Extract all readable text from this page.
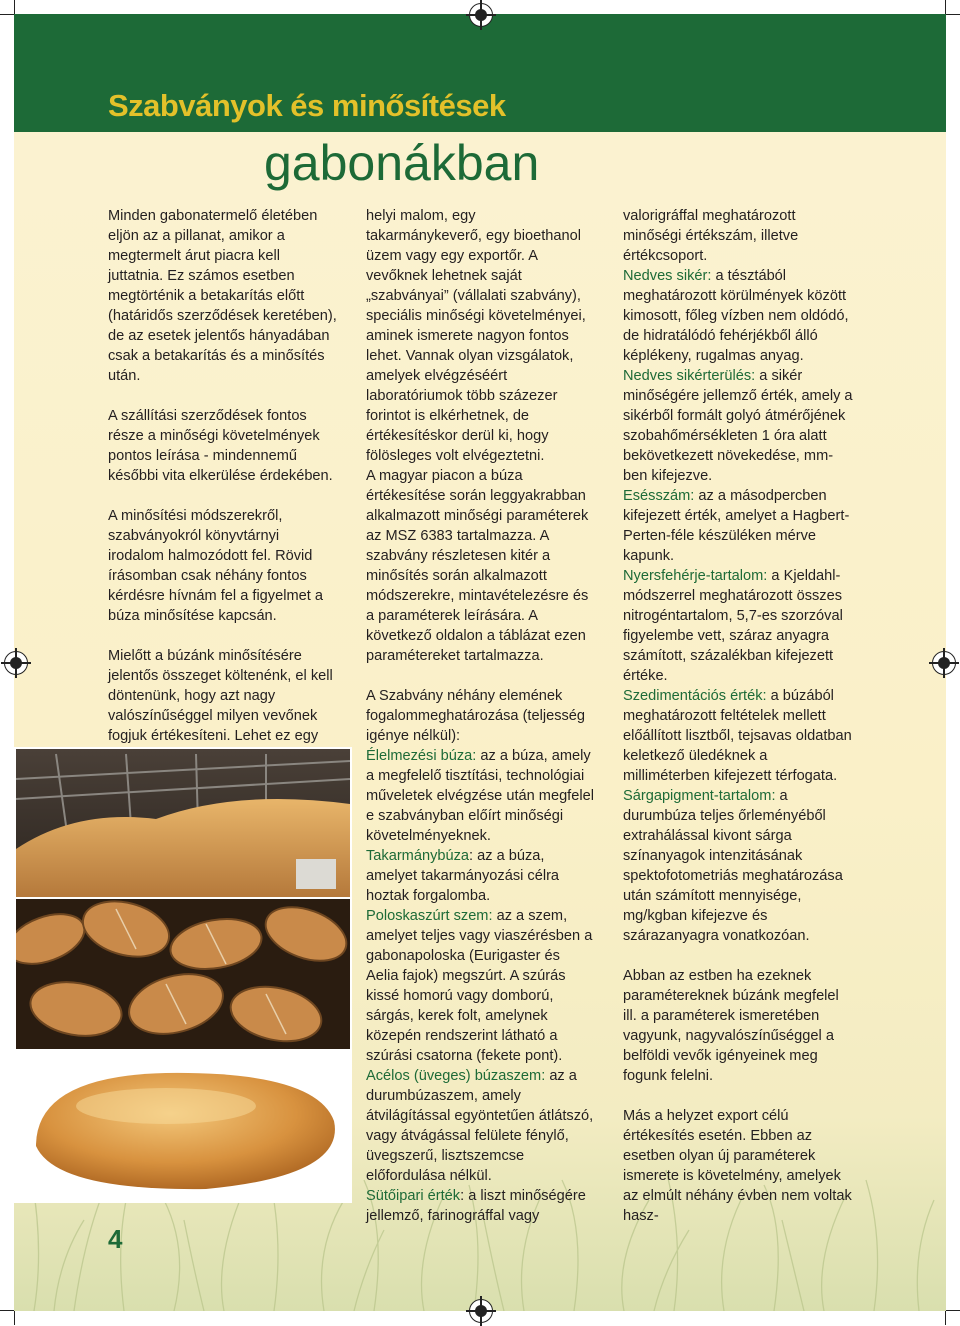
Szabványok és minősítések
gabonákban

Minden gabonatermelő életében eljön az a pillanat, amikor a megtermelt árut piacra kell juttatnia. Ez számos esetben megtörténik a betakarítás előtt (határidős szerződések keretében), de az esetek jelentős hányadában csak a betakarítás és a minősítés után.

A szállítási szerződések fontos része a minőségi követelmények pontos leírása - mindennemű későbbi vita elkerülése érdekében.

A minősítési módszerekről, szabványokról könyvtárnyi irodalom halmozódott fel. Rövid írásomban csak néhány fontos kérdésre hívnám fel a figyelmet a búza minősítése kapcsán.

Mielőtt a búzánk minősítésére jelentős összeget költenénk, el kell döntenünk, hogy azt nagy valószínűséggel milyen vevőnek fogjuk értékesíteni. Lehet ez egy

helyi malom, egy takarmánykeverő, egy bioethanol üzem vagy egy exportőr. A vevőknek lehetnek saját „szabványai” (vállalati szabvány), speciális minőségi követelményei, aminek ismerete nagyon fontos lehet. Vannak olyan vizsgálatok, amelyek elvégzéséért laboratóriumok több százezer forintot is elkérhetnek, de értékesítéskor derül ki, hogy fölösleges volt elvégeztetni.

A magyar piacon a búza értékesítése során leggyakrabban alkalmazott minőségi paraméterek az MSZ 6383 tartalmazza. A szabvány részletesen kitér a minősítés során alkalmazott módszerekre, mintavételezésre és a paraméterek leírására. A következő oldalon a táblázat ezen paramétereket tartalmazza.

A Szabvány néhány elemének fogalommeghatározása (teljesség igénye nélkül):

Élelmezési búza: az a búza, amely a megfelelő tisztítási, technológiai műveletek elvégzése után megfelel e szabványban előírt minőségi követelményeknek.

Takarmánybúza: az a búza, amelyet takarmányozási célra hoztak forgalomba.

Poloskaszúrt szem: az a szem, amelyet teljes vagy viaszérésben a gabonapoloska (Eurigaster és Aelia fajok) megszúrt. A szúrás kissé homorú vagy domború, sárgás, kerek folt, amelynek közepén rendszerint látható a szúrási csatorna (fekete pont).

Acélos (üveges) búzaszem: az a durumbúzaszem, amely átvilágítással egyöntetűen átlátszó, vagy átvágással felülete fénylő, üvegszerű, lisztszemcse előfordulása nélkül.

Sütőipari érték: a liszt minőségére jellemző, farinográffal vagy

valorigráffal meghatározott minőségi értékszám, illetve értékcsoport.

Nedves sikér: a tésztából meghatározott körülmények között kimosott, főleg vízben nem oldódó, de hidratálódó fehérjékből álló képlékeny, rugalmas anyag.

Nedves sikérterülés: a sikér minőségére jellemző érték, amely a sikérből formált golyó átmérőjének szobahőmérsékleten 1 óra alatt bekövetkezett növekedése, mm-ben kifejezve.

Esésszám: az a másodpercben kifejezett érték, amelyet a Hagbert-Perten-féle készüléken mérve kapunk.

Nyersfehérje-tartalom: a Kjeldahl-módszerrel meghatározott összes nitrogéntartalom, 5,7-es szorzóval figyelembe vett, száraz anyagra számított, százalékban kifejezett értéke.

Szedimentációs érték: a búzából meghatározott feltételek mellett előállított lisztből, tejsavas oldatban keletkező üledéknek a milliméterben kifejezett térfogata.

Sárgapigment-tartalom: a durumbúza teljes őrleményéből extrahálással kivont sárga színanyagok intenzitásának spektofotometriás meghatározása után számított mennyisége, mg/kgban kifejezve és szárazanyagra vonatkozóan.

Abban az estben ha ezeknek paramétereknek búzánk megfelel ill. a paraméterek ismeretében vagyunk, nagyvalószínűséggel a belföldi vevők igényeinek meg fogunk felelni.

Más a helyzet export célú értékesítés esetén. Ebben az esetben olyan új paraméterek ismerete is követelmény, amelyek az elmúlt néhány évben nem voltak hasz-

4
